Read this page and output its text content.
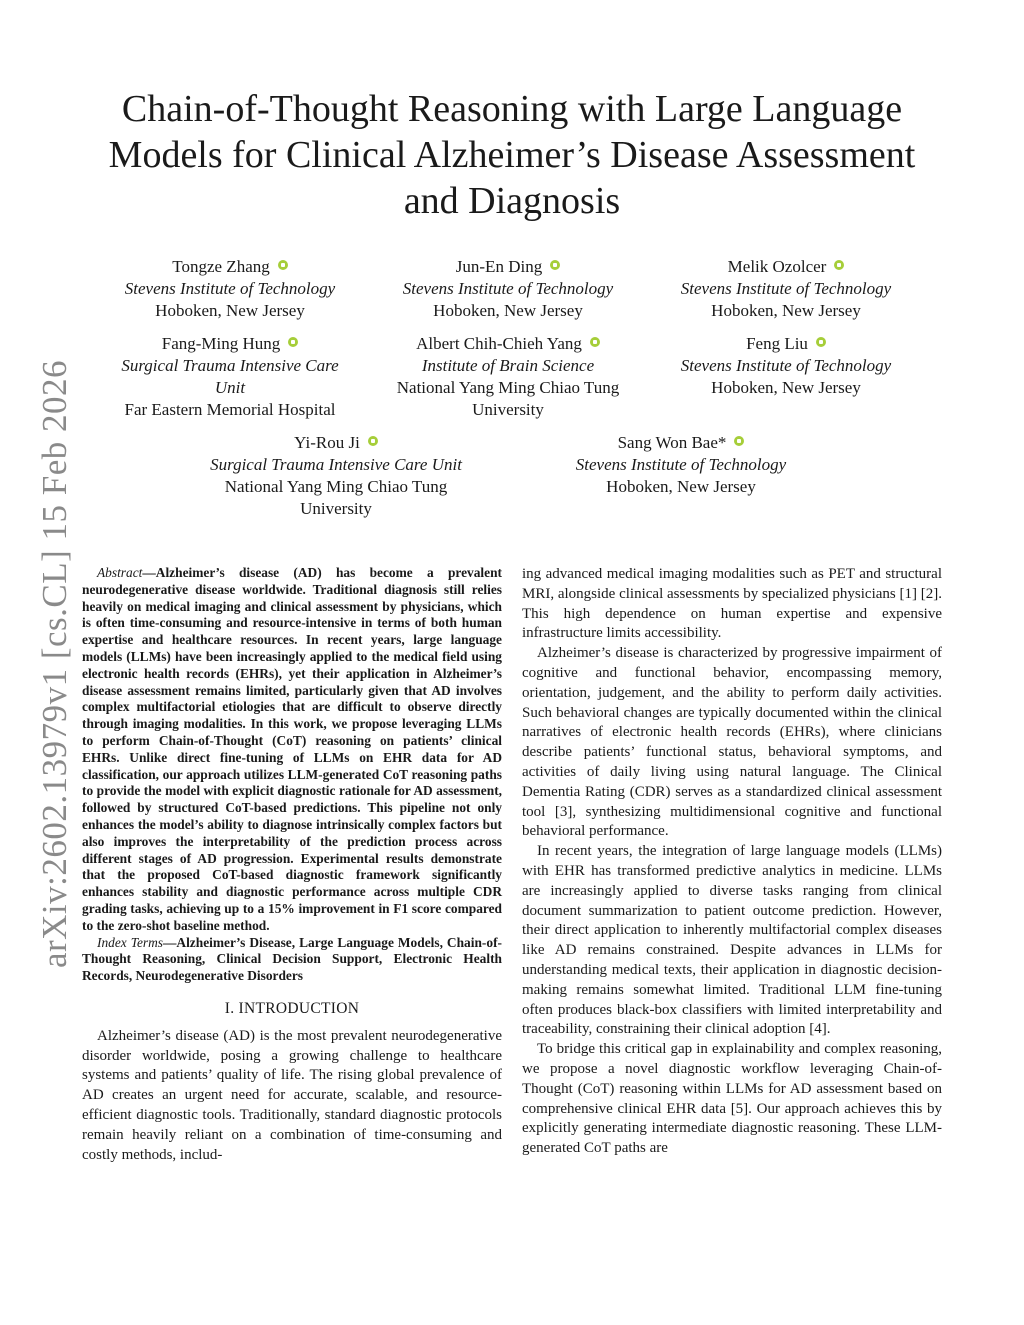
arXiv:2602.13979v1 [cs.CL] 15 Feb 2026
Chain-of-Thought Reasoning with Large Language Models for Clinical Alzheimer’s Disease Assessment and Diagnosis
Tongze Zhang
Stevens Institute of Technology
Hoboken, New Jersey
Jun-En Ding
Stevens Institute of Technology
Hoboken, New Jersey
Melik Ozolcer
Stevens Institute of Technology
Hoboken, New Jersey
Fang-Ming Hung
Surgical Trauma Intensive Care
Unit
Far Eastern Memorial Hospital
Albert Chih-Chieh Yang
Institute of Brain Science
National Yang Ming Chiao Tung
University
Feng Liu
Stevens Institute of Technology
Hoboken, New Jersey
Yi-Rou Ji
Surgical Trauma Intensive Care Unit
National Yang Ming Chiao Tung
University
Sang Won Bae*
Stevens Institute of Technology
Hoboken, New Jersey

Abstract—Alzheimer’s disease (AD) has become a prevalent neurodegenerative disease worldwide. Traditional diagnosis still relies heavily on medical imaging and clinical assessment by physicians, which is often time-consuming and resource-intensive in terms of both human expertise and healthcare resources. In recent years, large language models (LLMs) have been increasingly applied to the medical field using electronic health records (EHRs), yet their application in Alzheimer’s disease assessment remains limited, particularly given that AD involves complex multifactorial etiologies that are difficult to observe directly through imaging modalities. In this work, we propose leveraging LLMs to perform Chain-of-Thought (CoT) reasoning on patients’ clinical EHRs. Unlike direct fine-tuning of LLMs on EHR data for AD classification, our approach utilizes LLM-generated CoT reasoning paths to provide the model with explicit diagnostic rationale for AD assessment, followed by structured CoT-based predictions. This pipeline not only enhances the model’s ability to diagnose intrinsically complex factors but also improves the interpretability of the prediction process across different stages of AD progression. Experimental results demonstrate that the proposed CoT-based diagnostic framework significantly enhances stability and diagnostic performance across multiple CDR grading tasks, achieving up to a 15% improvement in F1 score compared to the zero-shot baseline method.

Index Terms—Alzheimer’s Disease, Large Language Models, Chain-of-Thought Reasoning, Clinical Decision Support, Electronic Health Records, Neurodegenerative Disorders

I. INTRODUCTION

Alzheimer’s disease (AD) is the most prevalent neurodegenerative disorder worldwide, posing a growing challenge to healthcare systems and patients’ quality of life. The rising global prevalence of AD creates an urgent need for accurate, scalable, and resource-efficient diagnostic tools. Traditionally, standard diagnostic protocols remain heavily reliant on a combination of time-consuming and costly methods, includ-

ing advanced medical imaging modalities such as PET and structural MRI, alongside clinical assessments by specialized physicians [1] [2]. This high dependence on human expertise and expensive infrastructure limits accessibility.

Alzheimer’s disease is characterized by progressive impairment of cognitive and functional behavior, encompassing memory, orientation, judgement, and the ability to perform daily activities. Such behavioral changes are typically documented within the clinical narratives of electronic health records (EHRs), where clinicians describe patients’ functional status, behavioral symptoms, and activities of daily living using natural language. The Clinical Dementia Rating (CDR) serves as a standardized clinical assessment tool [3], synthesizing multidimensional cognitive and functional behavioral performance.

In recent years, the integration of large language models (LLMs) with EHR has transformed predictive analytics in medicine. LLMs are increasingly applied to diverse tasks ranging from clinical document summarization to patient outcome prediction. However, their direct application to inherently multifactorial complex diseases like AD remains constrained. Despite advances in LLMs for understanding medical texts, their application in diagnostic decision-making remains somewhat limited. Traditional LLM fine-tuning often produces black-box classifiers with limited interpretability and traceability, constraining their clinical adoption [4].

To bridge this critical gap in explainability and complex reasoning, we propose a novel diagnostic workflow leveraging Chain-of-Thought (CoT) reasoning within LLMs for AD assessment based on comprehensive clinical EHR data [5]. Our approach achieves this by explicitly generating intermediate diagnostic reasoning. These LLM-generated CoT paths are
